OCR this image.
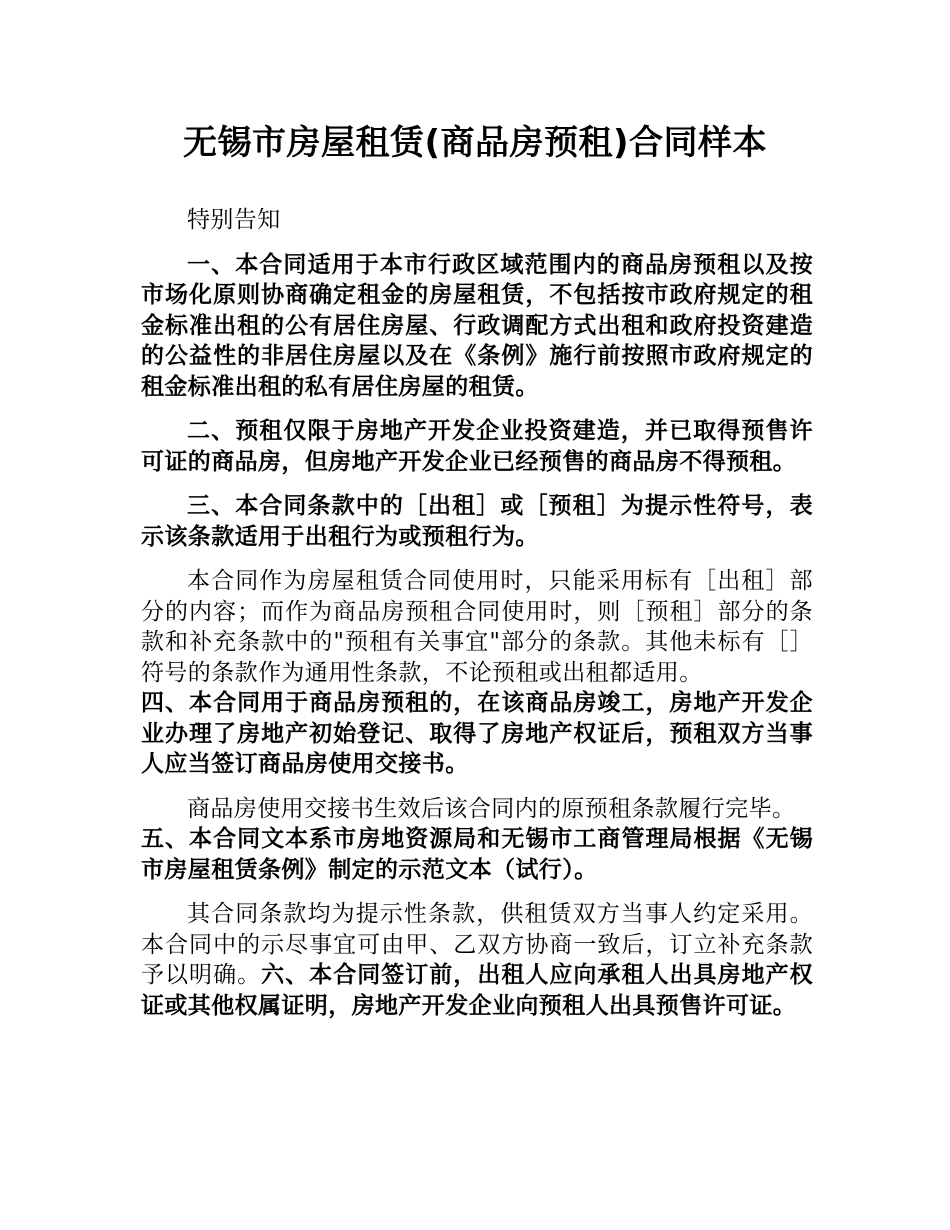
无锡市房屋租赁(商品房预租)合同样本

特别告知

一、本合同适用于本市行政区域范围内的商品房预租以及按市场化原则协商确定租金的房屋租赁，不包括按市政府规定的租金标准出租的公有居住房屋、行政调配方式出租和政府投资建造的公益性的非居住房屋以及在《条例》施行前按照市政府规定的租金标准出租的私有居住房屋的租赁。

二、预租仅限于房地产开发企业投资建造，并已取得预售许可证的商品房，但房地产开发企业已经预售的商品房不得预租。

三、本合同条款中的［出租］或［预租］为提示性符号，表示该条款适用于出租行为或预租行为。

本合同作为房屋租赁合同使用时，只能采用标有［出租］部分的内容；而作为商品房预租合同使用时，则［预租］部分的条款和补充条款中的"预租有关事宜"部分的条款。其他未标有［］符号的条款作为通用性条款，不论预租或出租都适用。

四、本合同用于商品房预租的，在该商品房竣工，房地产开发企业办理了房地产初始登记、取得了房地产权证后，预租双方当事人应当签订商品房使用交接书。

商品房使用交接书生效后该合同内的原预租条款履行完毕。

五、本合同文本系市房地资源局和无锡市工商管理局根据《无锡市房屋租赁条例》制定的示范文本（试行）。

其合同条款均为提示性条款，供租赁双方当事人约定采用。本合同中的示尽事宜可由甲、乙双方协商一致后，订立补充条款予以明确。六、本合同签订前，出租人应向承租人出具房地产权证或其他权属证明，房地产开发企业向预租人出具预售许可证。
